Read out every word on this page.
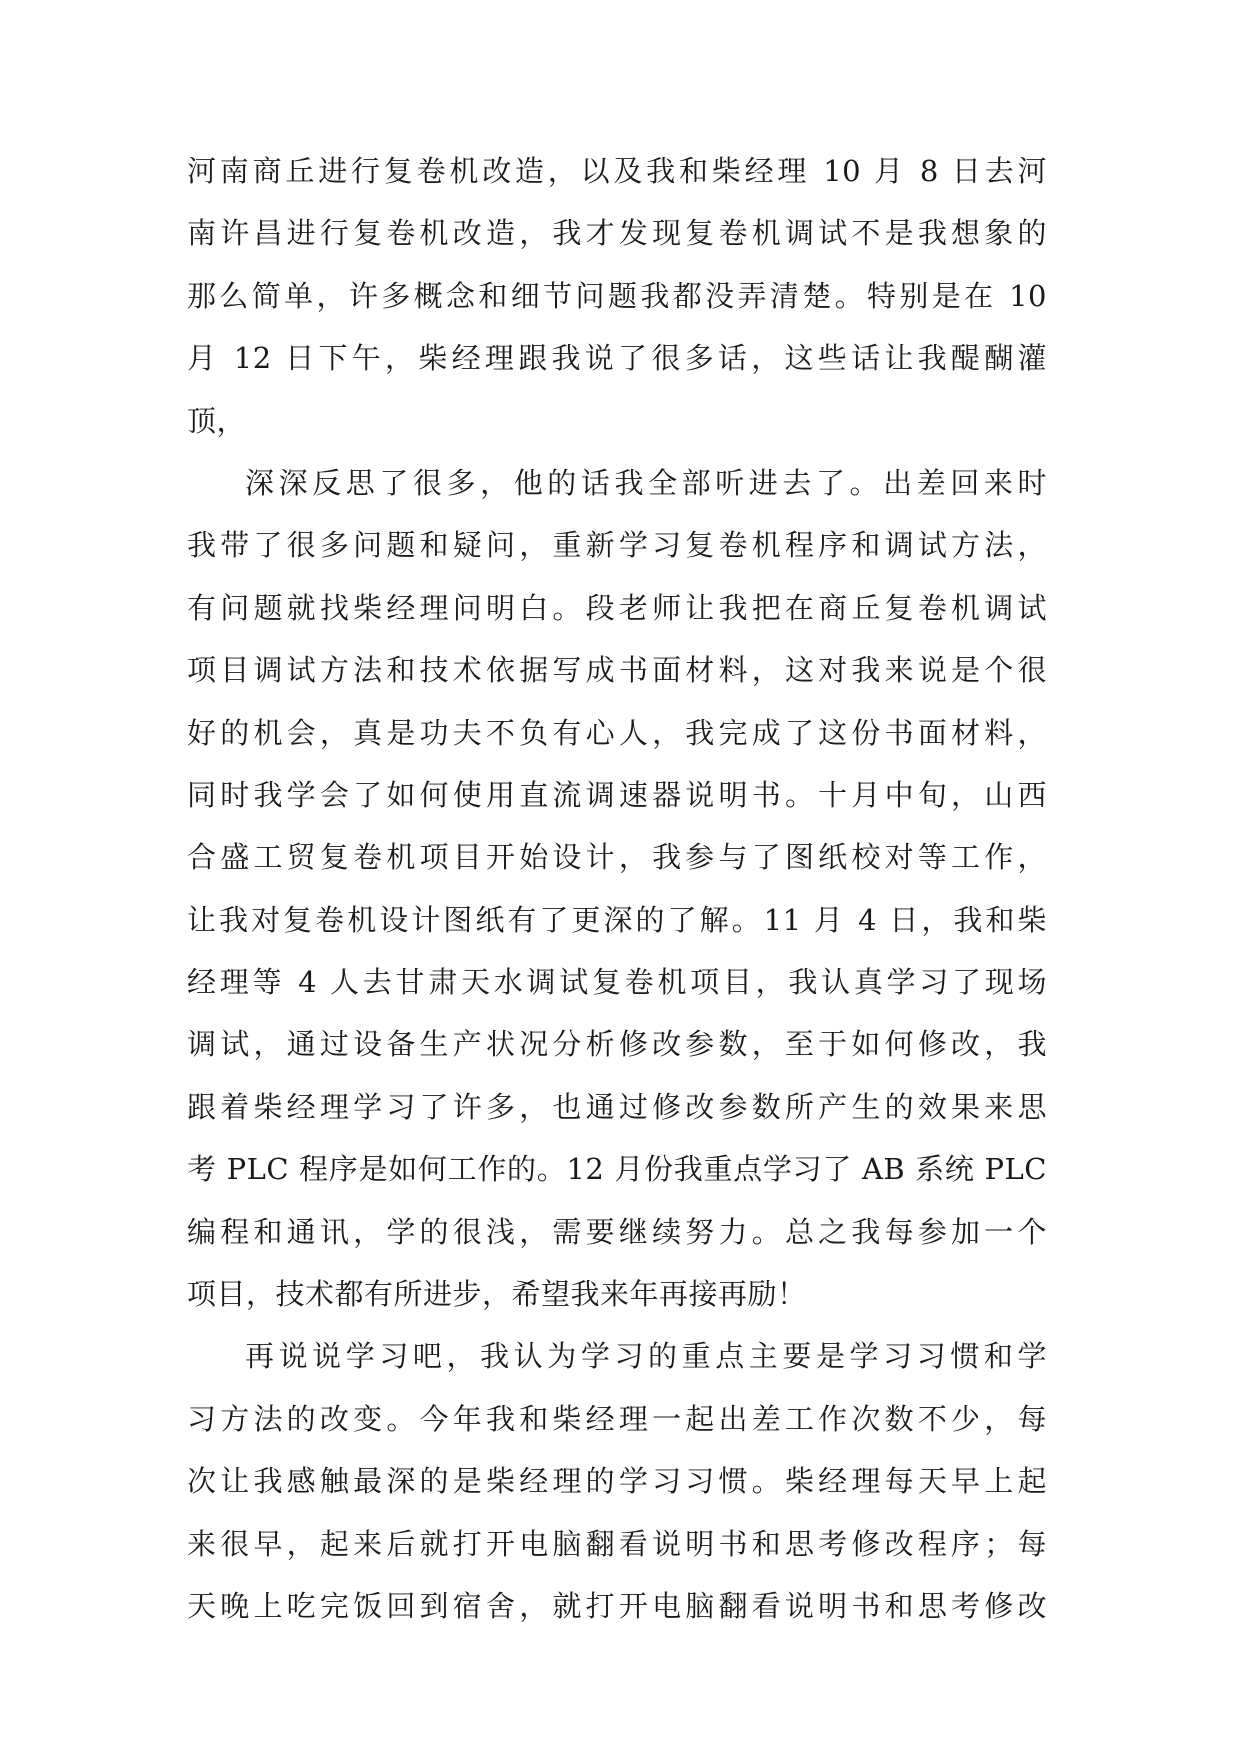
河南商丘进行复卷机改造，以及我和柴经理 10 月 8 日去河
南许昌进行复卷机改造，我才发现复卷机调试不是我想象的
那么简单，许多概念和细节问题我都没弄清楚。特别是在 10
月 12 日下午，柴经理跟我说了很多话，这些话让我醍醐灌
顶，
深深反思了很多，他的话我全部听进去了。出差回来时
我带了很多问题和疑问，重新学习复卷机程序和调试方法，
有问题就找柴经理问明白。段老师让我把在商丘复卷机调试
项目调试方法和技术依据写成书面材料，这对我来说是个很
好的机会，真是功夫不负有心人，我完成了这份书面材料，
同时我学会了如何使用直流调速器说明书。十月中旬，山西
合盛工贸复卷机项目开始设计，我参与了图纸校对等工作，
让我对复卷机设计图纸有了更深的了解。11 月 4 日，我和柴
经理等 4 人去甘肃天水调试复卷机项目，我认真学习了现场
调试，通过设备生产状况分析修改参数，至于如何修改，我
跟着柴经理学习了许多，也通过修改参数所产生的效果来思
考 PLC 程序是如何工作的。12 月份我重点学习了 AB 系统 PLC
编程和通讯，学的很浅，需要继续努力。总之我每参加一个
项目，技术都有所进步，希望我来年再接再励！
再说说学习吧，我认为学习的重点主要是学习习惯和学
习方法的改变。今年我和柴经理一起出差工作次数不少，每
次让我感触最深的是柴经理的学习习惯。柴经理每天早上起
来很早，起来后就打开电脑翻看说明书和思考修改程序；每
天晚上吃完饭回到宿舍，就打开电脑翻看说明书和思考修改
